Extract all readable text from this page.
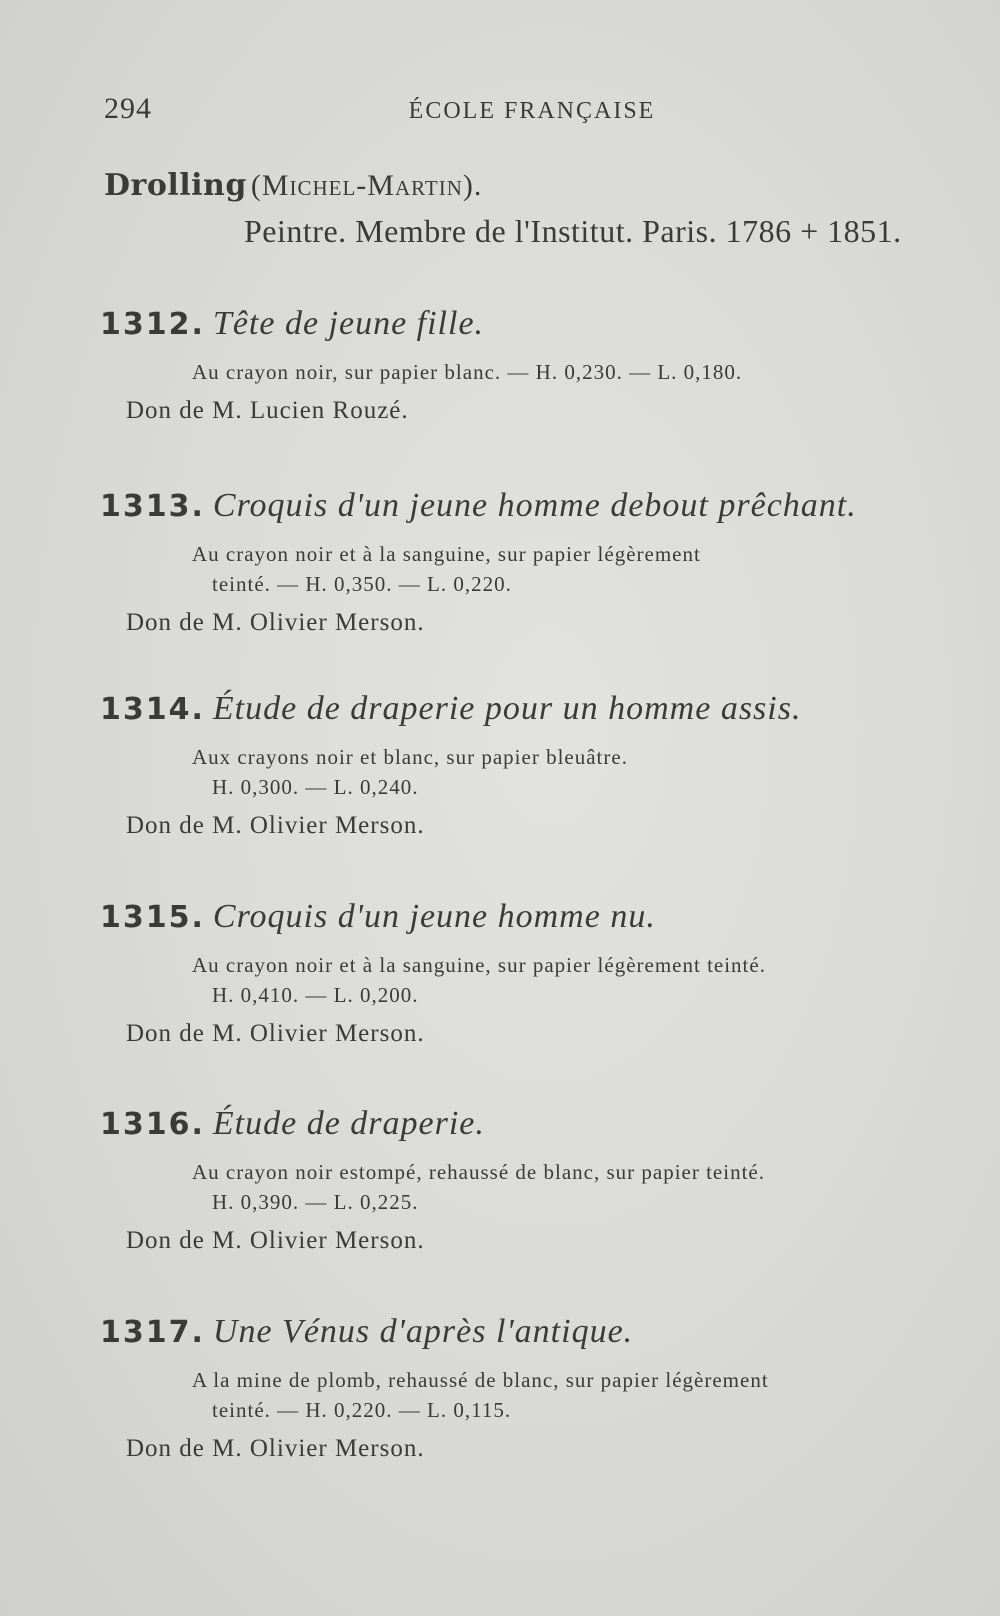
294	ÉCOLE FRANÇAISE
Drolling (Michel-Martin).
Peintre. Membre de l'Institut. Paris. 1786 + 1851.
1312. Tête de jeune fille.
Au crayon noir, sur papier blanc. — H. 0,230. — L. 0,180.
Don de M. Lucien Rouzé.
1313. Croquis d'un jeune homme debout prêchant.
Au crayon noir et à la sanguine, sur papier légèrement
teinté. — H. 0,350. — L. 0,220.
Don de M. Olivier Merson.
1314. Étude de draperie pour un homme assis.
Aux crayons noir et blanc, sur papier bleuâtre.
H. 0,300. — L. 0,240.
Don de M. Olivier Merson.
1315. Croquis d'un jeune homme nu.
Au crayon noir et à la sanguine, sur papier légèrement teinté.
H. 0,410. — L. 0,200.
Don de M. Olivier Merson.
1316. Étude de draperie.
Au crayon noir estompé, rehaussé de blanc, sur papier teinté.
H. 0,390. — L. 0,225.
Don de M. Olivier Merson.
1317. Une Vénus d'après l'antique.
A la mine de plomb, rehaussé de blanc, sur papier légèrement
teinté. — H. 0,220. — L. 0,115.
Don de M. Olivier Merson.
